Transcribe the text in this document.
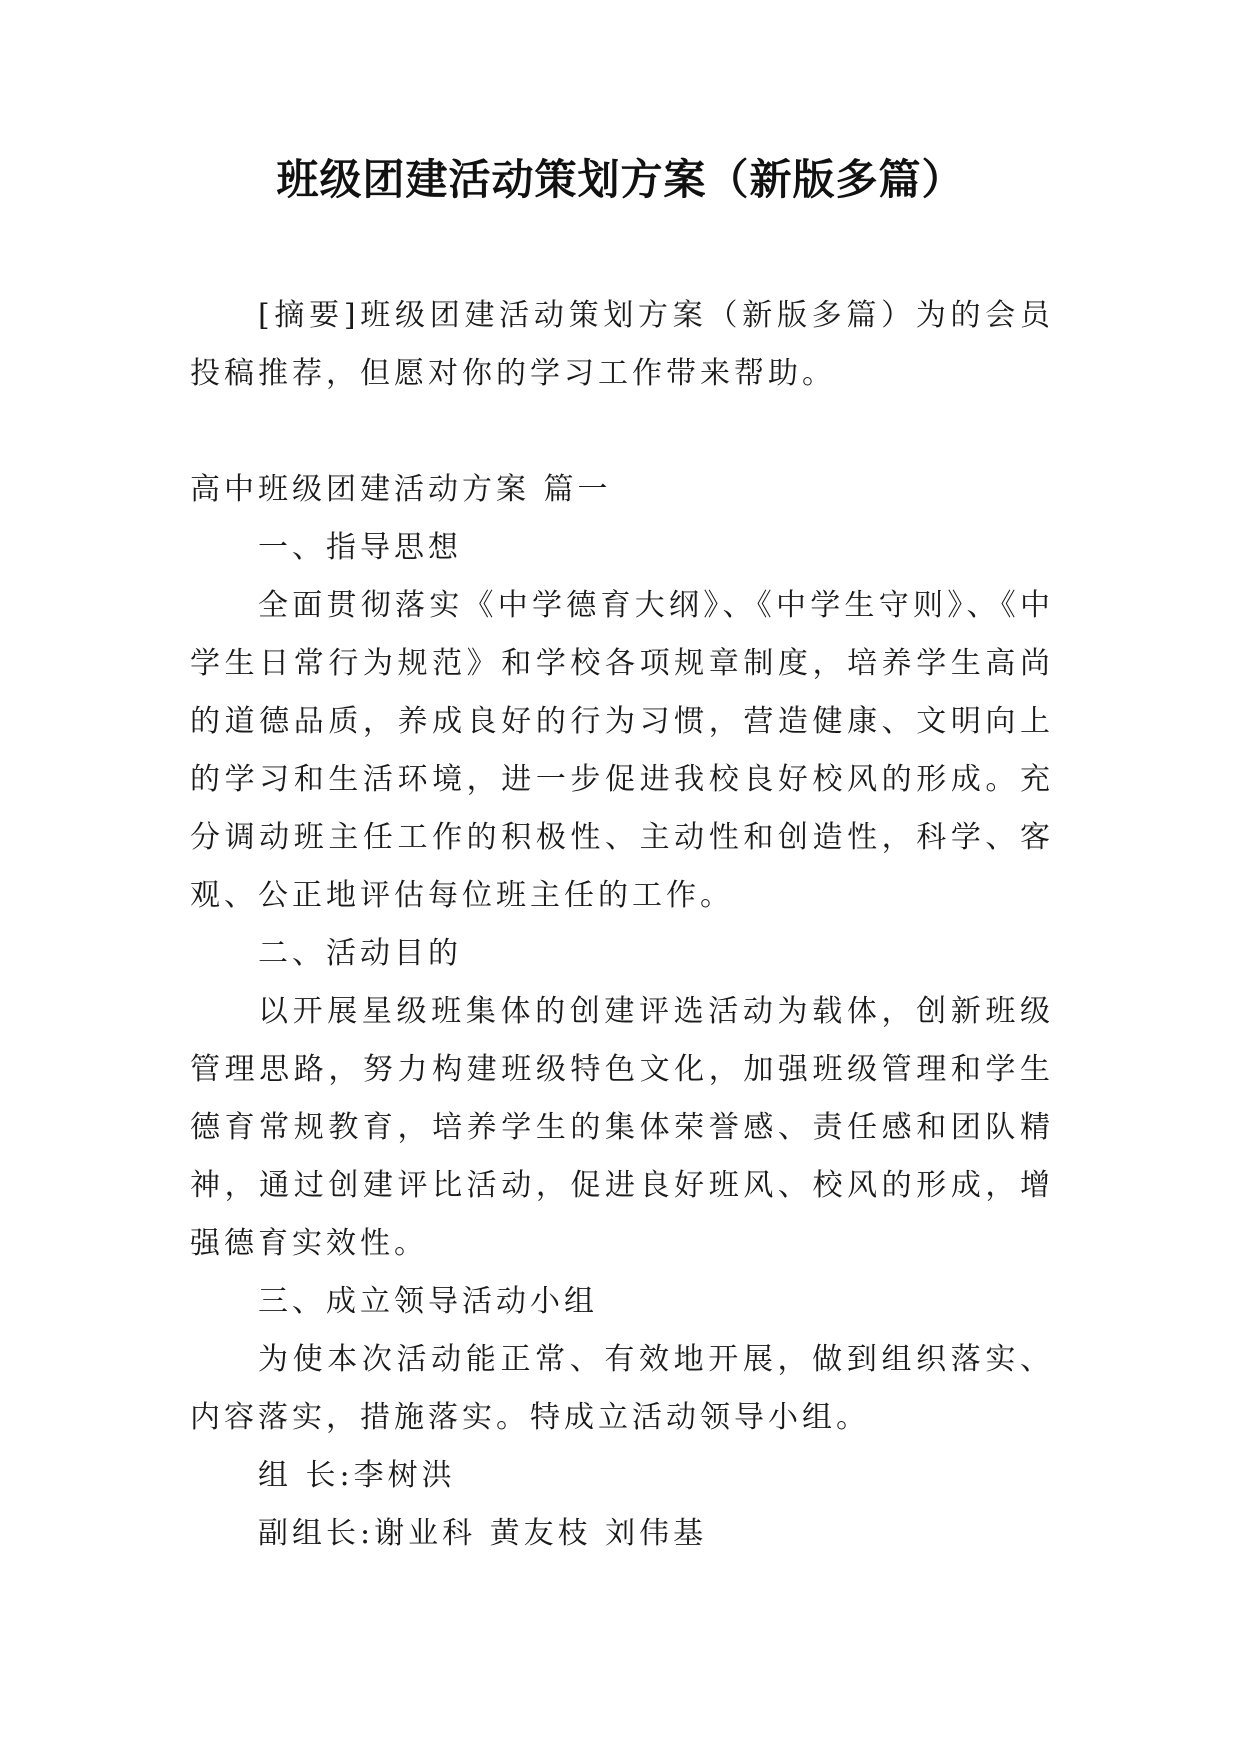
班级团建活动策划方案（新版多篇）

[摘要]班级团建活动策划方案（新版多篇）为的会员投稿推荐，但愿对你的学习工作带来帮助。

高中班级团建活动方案 篇一

一、指导思想

全面贯彻落实《中学德育大纲》、《中学生守则》、《中学生日常行为规范》和学校各项规章制度，培养学生高尚的道德品质，养成良好的行为习惯，营造健康、文明向上的学习和生活环境，进一步促进我校良好校风的形成。充分调动班主任工作的积极性、主动性和创造性，科学、客观、公正地评估每位班主任的工作。

二、活动目的

以开展星级班集体的创建评选活动为载体，创新班级管理思路，努力构建班级特色文化，加强班级管理和学生德育常规教育，培养学生的集体荣誉感、责任感和团队精神，通过创建评比活动，促进良好班风、校风的形成，增强德育实效性。

三、成立领导活动小组

为使本次活动能正常、有效地开展，做到组织落实、内容落实，措施落实。特成立活动领导小组。

组 长:李树洪

副组长:谢业科 黄友枝 刘伟基
